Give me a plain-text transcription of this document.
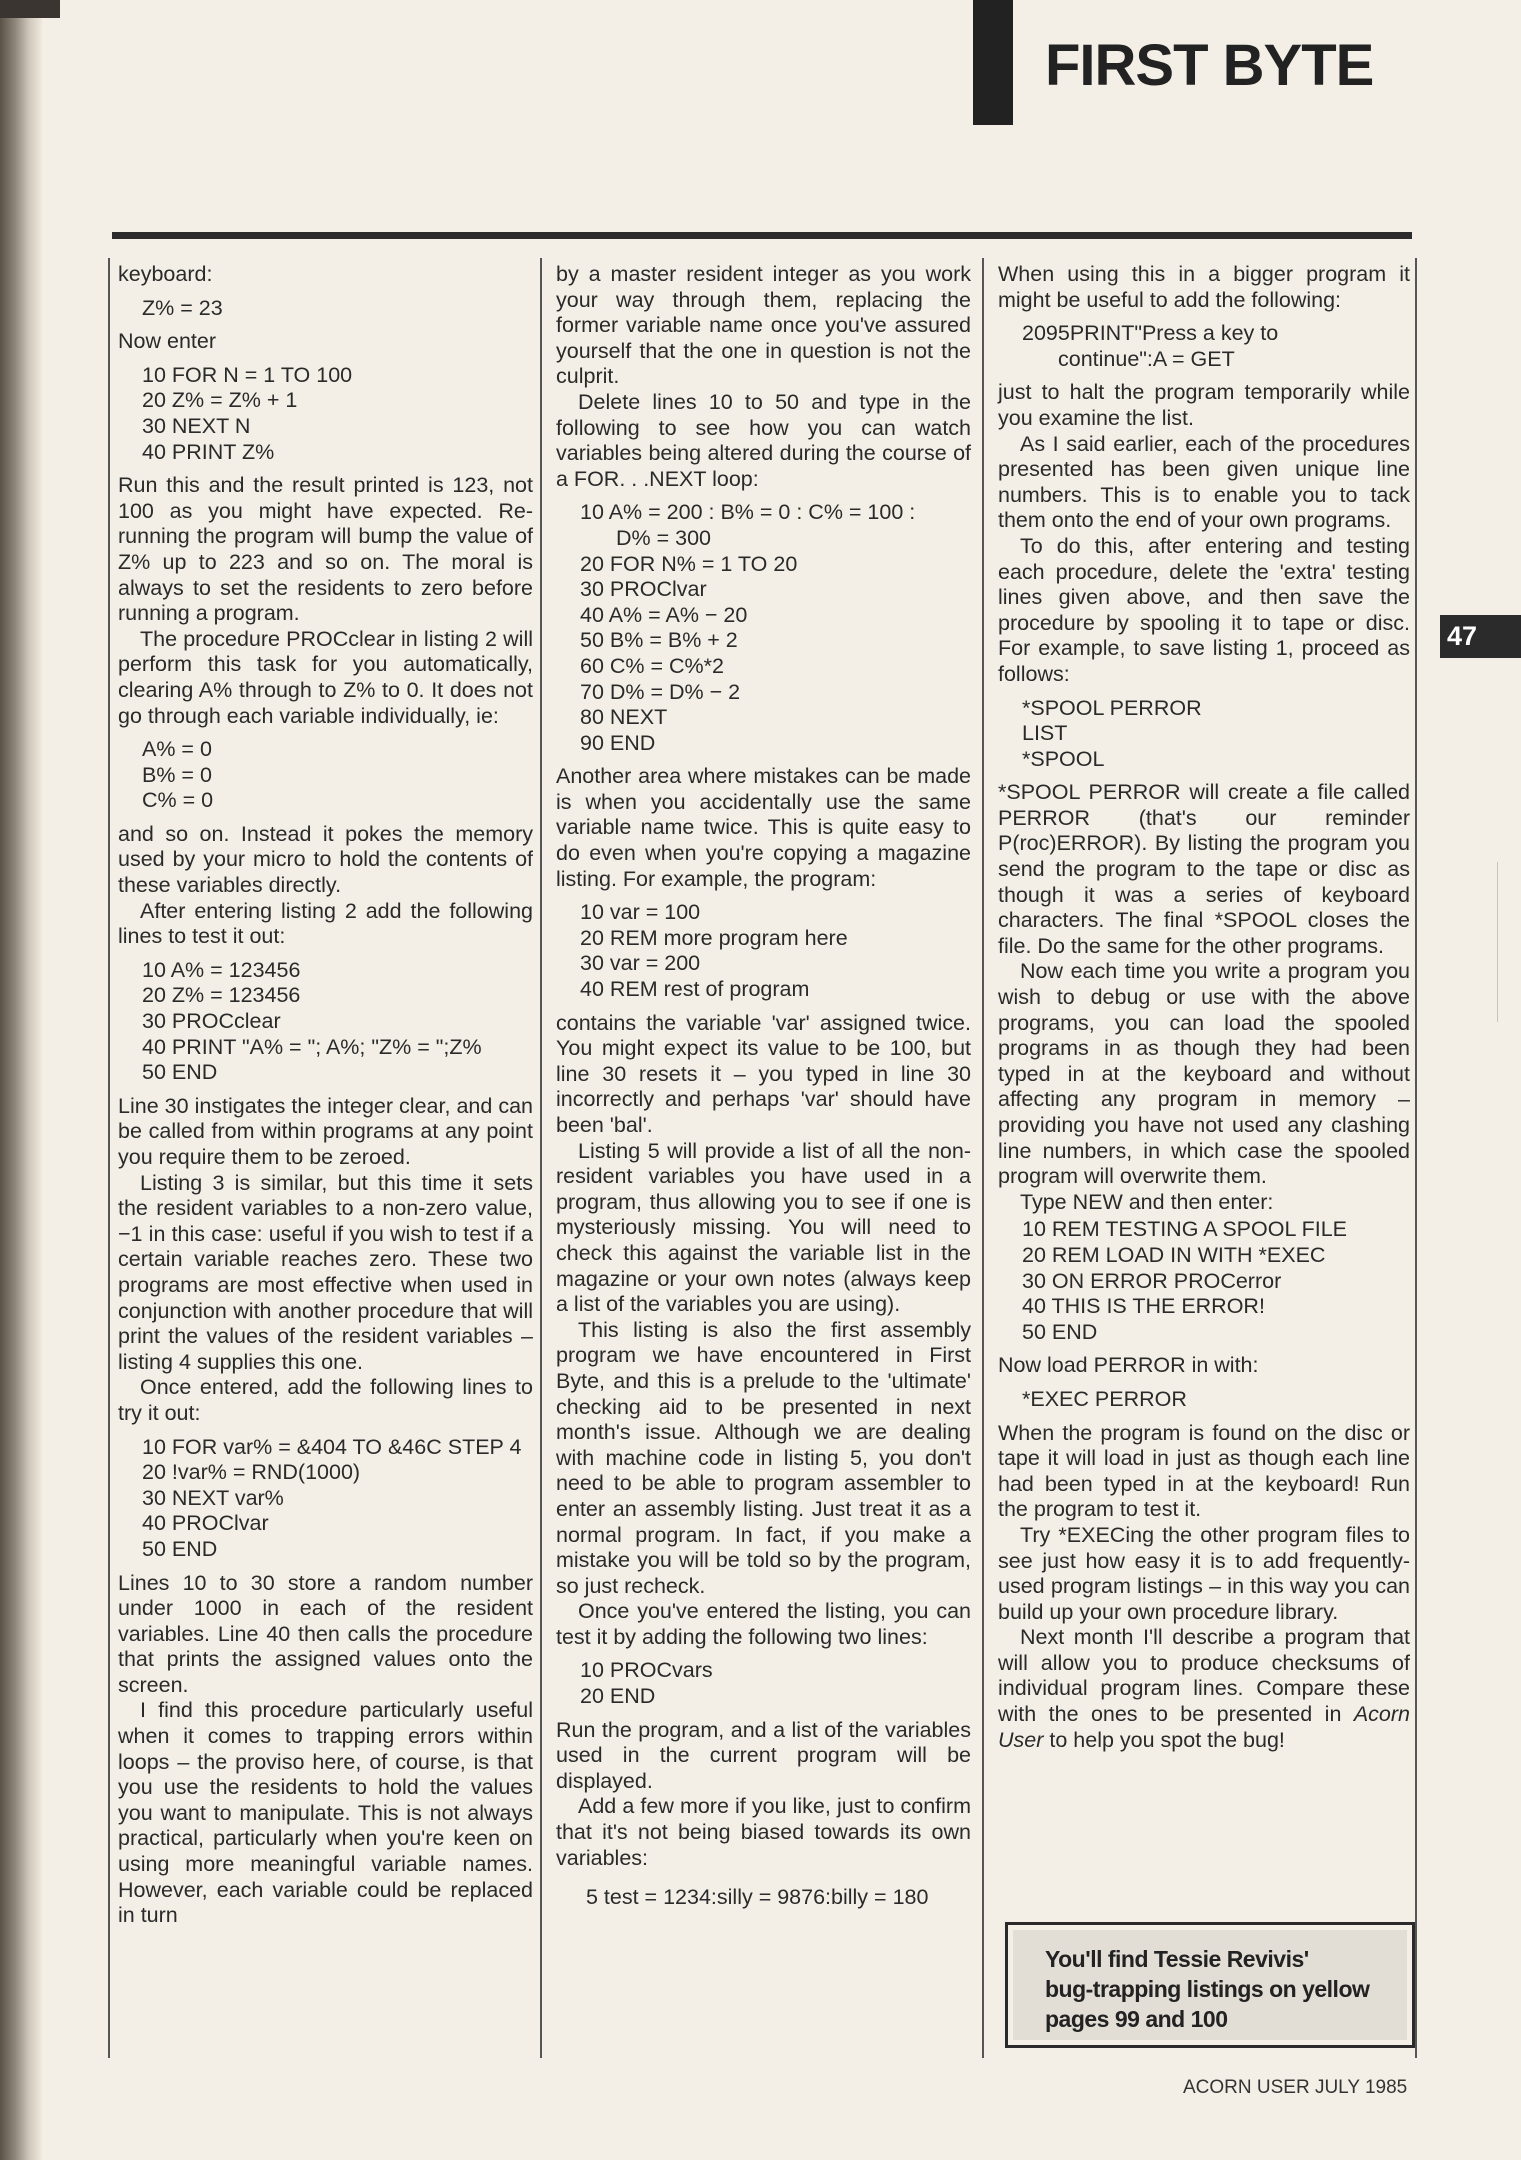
FIRST BYTE

keyboard:

Z% = 23

Now enter

10 FOR N = 1 TO 100
20 Z% = Z% + 1
30 NEXT N
40 PRINT Z%

Run this and the result printed is 123, not 100 as you might have expected. Re-running the program will bump the value of Z% up to 223 and so on. The moral is always to set the residents to zero before running a program.

The procedure PROCclear in listing 2 will perform this task for you automatically, clearing A% through to Z% to 0. It does not go through each variable individually, ie:

A% = 0
B% = 0
C% = 0

and so on. Instead it pokes the memory used by your micro to hold the contents of these variables directly.

After entering listing 2 add the following lines to test it out:

10 A% = 123456
20 Z% = 123456
30 PROCclear
40 PRINT "A% = "; A%; "Z% = ";Z%
50 END

Line 30 instigates the integer clear, and can be called from within programs at any point you require them to be zeroed.

Listing 3 is similar, but this time it sets the resident variables to a non-zero value, −1 in this case: useful if you wish to test if a certain variable reaches zero. These two programs are most effective when used in conjunction with another procedure that will print the values of the resident variables – listing 4 supplies this one.

Once entered, add the following lines to try it out:

10 FOR var% = &404 TO &46C STEP 4
20 !var% = RND(1000)
30 NEXT var%
40 PROClvar
50 END

Lines 10 to 30 store a random number under 1000 in each of the resident variables. Line 40 then calls the procedure that prints the assigned values onto the screen.

I find this procedure particularly useful when it comes to trapping errors within loops – the proviso here, of course, is that you use the residents to hold the values you want to manipulate. This is not always practical, particularly when you're keen on using more meaningful variable names. However, each variable could be replaced in turn

by a master resident integer as you work your way through them, replacing the former variable name once you've assured yourself that the one in question is not the culprit.

Delete lines 10 to 50 and type in the following to see how you can watch variables being altered during the course of a FOR. . .NEXT loop:

10 A% = 200 : B% = 0 : C% = 100 :
D% = 300
20 FOR N% = 1 TO 20
30 PROClvar
40 A% = A% − 20
50 B% = B% + 2
60 C% = C%*2
70 D% = D% − 2
80 NEXT
90 END

Another area where mistakes can be made is when you accidentally use the same variable name twice. This is quite easy to do even when you're copying a magazine listing. For example, the program:

10 var = 100
20 REM more program here
30 var = 200
40 REM rest of program

contains the variable 'var' assigned twice. You might expect its value to be 100, but line 30 resets it – you typed in line 30 incorrectly and perhaps 'var' should have been 'bal'.

Listing 5 will provide a list of all the non-resident variables you have used in a program, thus allowing you to see if one is mysteriously missing. You will need to check this against the variable list in the magazine or your own notes (always keep a list of the variables you are using).

This listing is also the first assembly program we have encountered in First Byte, and this is a prelude to the 'ultimate' checking aid to be presented in next month's issue. Although we are dealing with machine code in listing 5, you don't need to be able to program assembler to enter an assembly listing. Just treat it as a normal program. In fact, if you make a mistake you will be told so by the program, so just recheck.

Once you've entered the listing, you can test it by adding the following two lines:

10 PROCvars
20 END

Run the program, and a list of the variables used in the current program will be displayed.

Add a few more if you like, just to confirm that it's not being biased towards its own variables:

5 test = 1234:silly = 9876:billy = 180

When using this in a bigger program it might be useful to add the following:

2095PRINT"Press a key to
continue":A = GET

just to halt the program temporarily while you examine the list.

As I said earlier, each of the procedures presented has been given unique line numbers. This is to enable you to tack them onto the end of your own programs.

To do this, after entering and testing each procedure, delete the 'extra' testing lines given above, and then save the procedure by spooling it to tape or disc. For example, to save listing 1, proceed as follows:

*SPOOL PERROR
LIST
*SPOOL

*SPOOL PERROR will create a file called PERROR (that's our reminder P(roc)ERROR). By listing the program you send the program to the tape or disc as though it was a series of keyboard characters. The final *SPOOL closes the file. Do the same for the other programs.

Now each time you write a program you wish to debug or use with the above programs, you can load the spooled programs in as though they had been typed in at the keyboard and without affecting any program in memory – providing you have not used any clashing line numbers, in which case the spooled program will overwrite them.

Type NEW and then enter:

10 REM TESTING A SPOOL FILE
20 REM LOAD IN WITH *EXEC
30 ON ERROR PROCerror
40 THIS IS THE ERROR!
50 END

Now load PERROR in with:

*EXEC PERROR

When the program is found on the disc or tape it will load in just as though each line had been typed in at the keyboard! Run the program to test it.

Try *EXECing the other program files to see just how easy it is to add frequently-used program listings – in this way you can build up your own procedure library.

Next month I'll describe a program that will allow you to produce checksums of individual program lines. Compare these with the ones to be presented in Acorn User to help you spot the bug!

47
You'll find Tessie Revivis'
bug-trapping listings on yellow
pages 99 and 100
ACORN USER JULY 1985
